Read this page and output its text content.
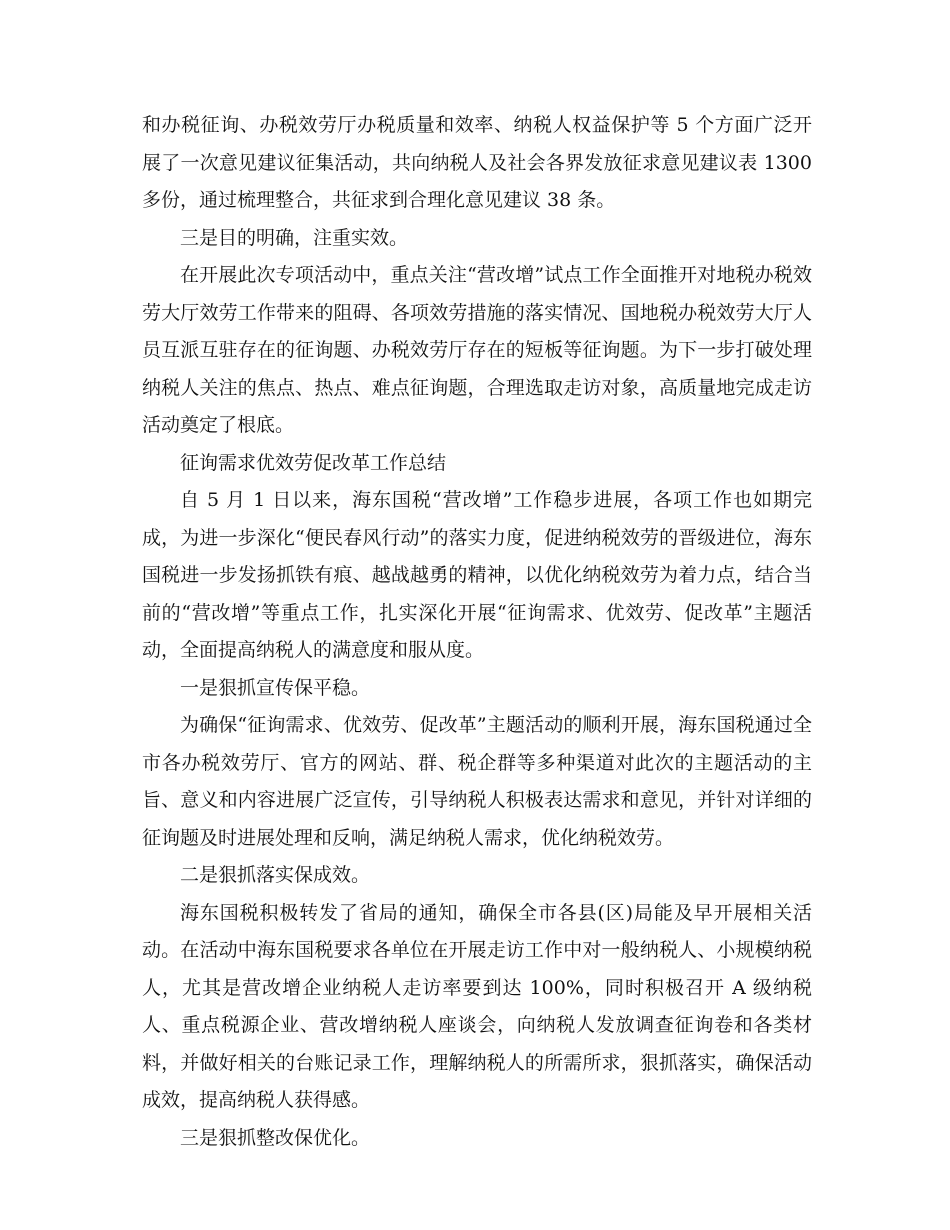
和办税征询、办税效劳厅办税质量和效率、纳税人权益保护等 5 个方面广泛开展了一次意见建议征集活动，共向纳税人及社会各界发放征求意见建议表 1300 多份，通过梳理整合，共征求到合理化意见建议 38 条。

三是目的明确，注重实效。

在开展此次专项活动中，重点关注“营改增”试点工作全面推开对地税办税效劳大厅效劳工作带来的阻碍、各项效劳措施的落实情况、国地税办税效劳大厅人员互派互驻存在的征询题、办税效劳厅存在的短板等征询题。为下一步打破处理纳税人关注的焦点、热点、难点征询题，合理选取走访对象，高质量地完成走访活动奠定了根底。

征询需求优效劳促改革工作总结

自 5 月 1 日以来，海东国税“营改增”工作稳步进展，各项工作也如期完成，为进一步深化“便民春风行动”的落实力度，促进纳税效劳的晋级进位，海东国税进一步发扬抓铁有痕、越战越勇的精神，以优化纳税效劳为着力点，结合当前的“营改增”等重点工作，扎实深化开展“征询需求、优效劳、促改革”主题活动，全面提高纳税人的满意度和服从度。

一是狠抓宣传保平稳。

为确保“征询需求、优效劳、促改革”主题活动的顺利开展，海东国税通过全市各办税效劳厅、官方的网站、群、税企群等多种渠道对此次的主题活动的主旨、意义和内容进展广泛宣传，引导纳税人积极表达需求和意见，并针对详细的征询题及时进展处理和反响，满足纳税人需求，优化纳税效劳。

二是狠抓落实保成效。

海东国税积极转发了省局的通知，确保全市各县(区)局能及早开展相关活动。在活动中海东国税要求各单位在开展走访工作中对一般纳税人、小规模纳税人，尤其是营改增企业纳税人走访率要到达 100%，同时积极召开 A 级纳税人、重点税源企业、营改增纳税人座谈会，向纳税人发放调查征询卷和各类材料，并做好相关的台账记录工作，理解纳税人的所需所求，狠抓落实，确保活动成效，提高纳税人获得感。

三是狠抓整改保优化。
